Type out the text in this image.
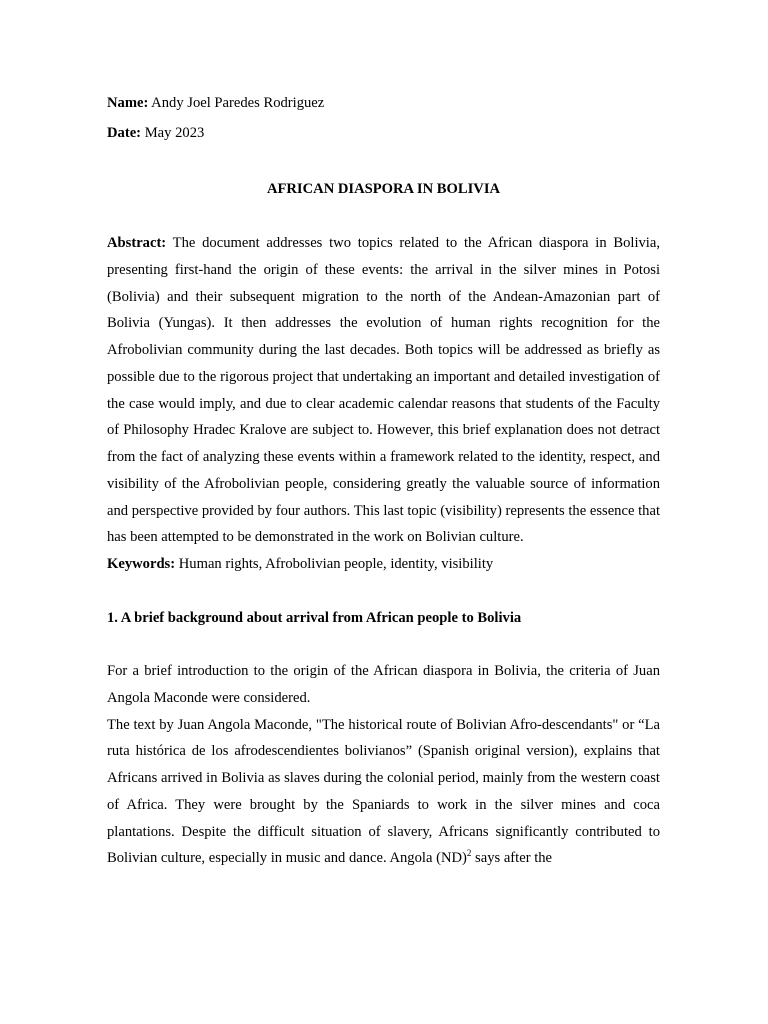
Name: Andy Joel Paredes Rodriguez

Date: May 2023

AFRICAN DIASPORA IN BOLIVIA

Abstract: The document addresses two topics related to the African diaspora in Bolivia, presenting first-hand the origin of these events: the arrival in the silver mines in Potosi (Bolivia) and their subsequent migration to the north of the Andean-Amazonian part of Bolivia (Yungas). It then addresses the evolution of human rights recognition for the Afrobolivian community during the last decades. Both topics will be addressed as briefly as possible due to the rigorous project that undertaking an important and detailed investigation of the case would imply, and due to clear academic calendar reasons that students of the Faculty of Philosophy Hradec Kralove are subject to. However, this brief explanation does not detract from the fact of analyzing these events within a framework related to the identity, respect, and visibility of the Afrobolivian people, considering greatly the valuable source of information and perspective provided by four authors. This last topic (visibility) represents the essence that has been attempted to be demonstrated in the work on Bolivian culture.

Keywords: Human rights, Afrobolivian people, identity, visibility

1. A brief background about arrival from African people to Bolivia

For a brief introduction to the origin of the African diaspora in Bolivia, the criteria of Juan Angola Maconde were considered.

The text by Juan Angola Maconde, "The historical route of Bolivian Afro-descendants" or “La ruta histórica de los afrodescendientes bolivianos” (Spanish original version), explains that Africans arrived in Bolivia as slaves during the colonial period, mainly from the western coast of Africa. They were brought by the Spaniards to work in the silver mines and coca plantations. Despite the difficult situation of slavery, Africans significantly contributed to Bolivian culture, especially in music and dance. Angola (ND)$^2$ says after the
